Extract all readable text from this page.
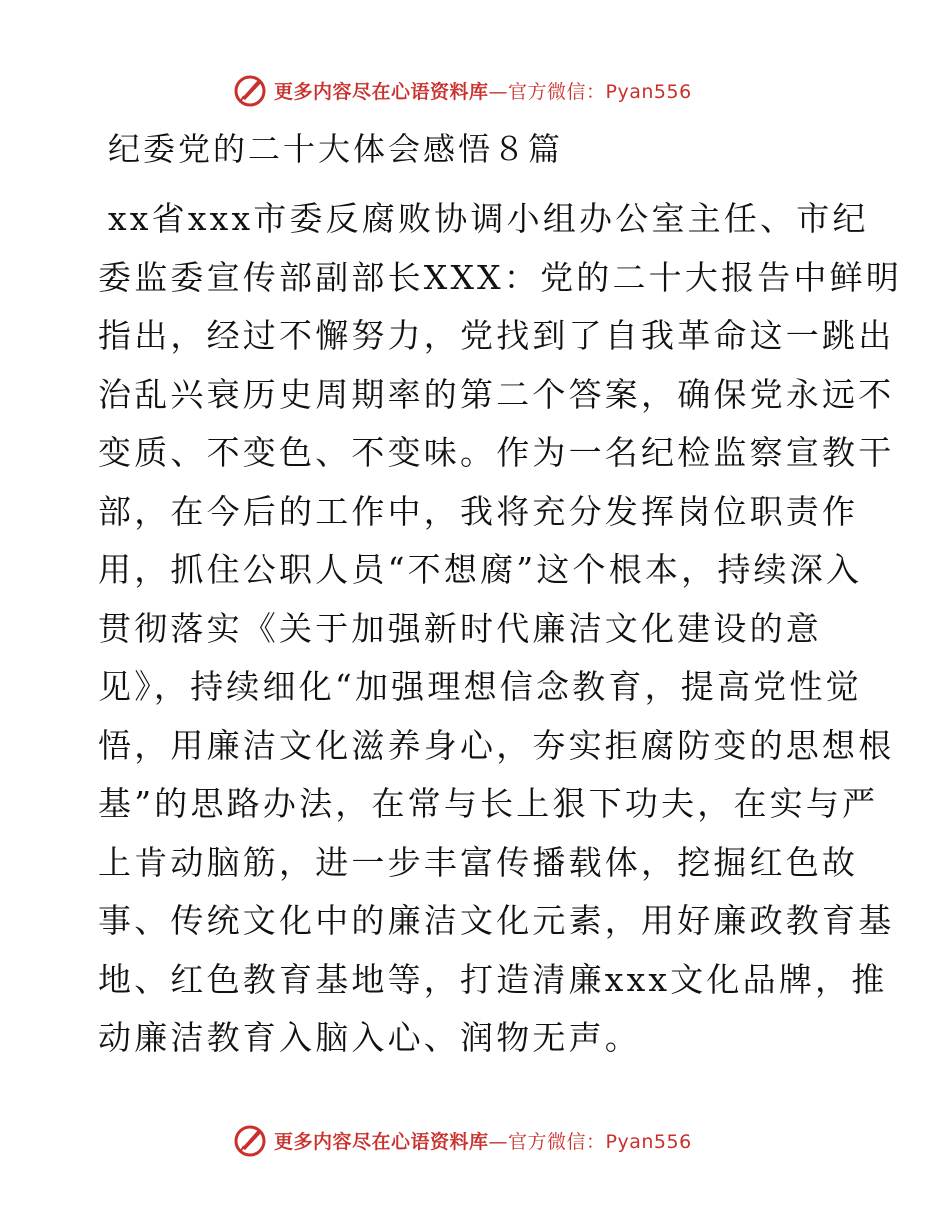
更多内容尽在心语资料库—官方微信：Pyan556
纪委党的二十大体会感悟８篇
xx省xxx市委反腐败协调小组办公室主任、市纪
委监委宣传部副部长XXX：党的二十大报告中鲜明
指出，经过不懈努力，党找到了自我革命这一跳出
治乱兴衰历史周期率的第二个答案，确保党永远不
变质、不变色、不变味。作为一名纪检监察宣教干
部，在今后的工作中，我将充分发挥岗位职责作
用，抓住公职人员“不想腐”这个根本，持续深入
贯彻落实《关于加强新时代廉洁文化建设的意
见》，持续细化“加强理想信念教育，提高党性觉
悟，用廉洁文化滋养身心，夯实拒腐防变的思想根
基”的思路办法，在常与长上狠下功夫，在实与严
上肯动脑筋，进一步丰富传播载体，挖掘红色故
事、传统文化中的廉洁文化元素，用好廉政教育基
地、红色教育基地等，打造清廉xxx文化品牌，推
动廉洁教育入脑入心、润物无声。
更多内容尽在心语资料库—官方微信：Pyan556
